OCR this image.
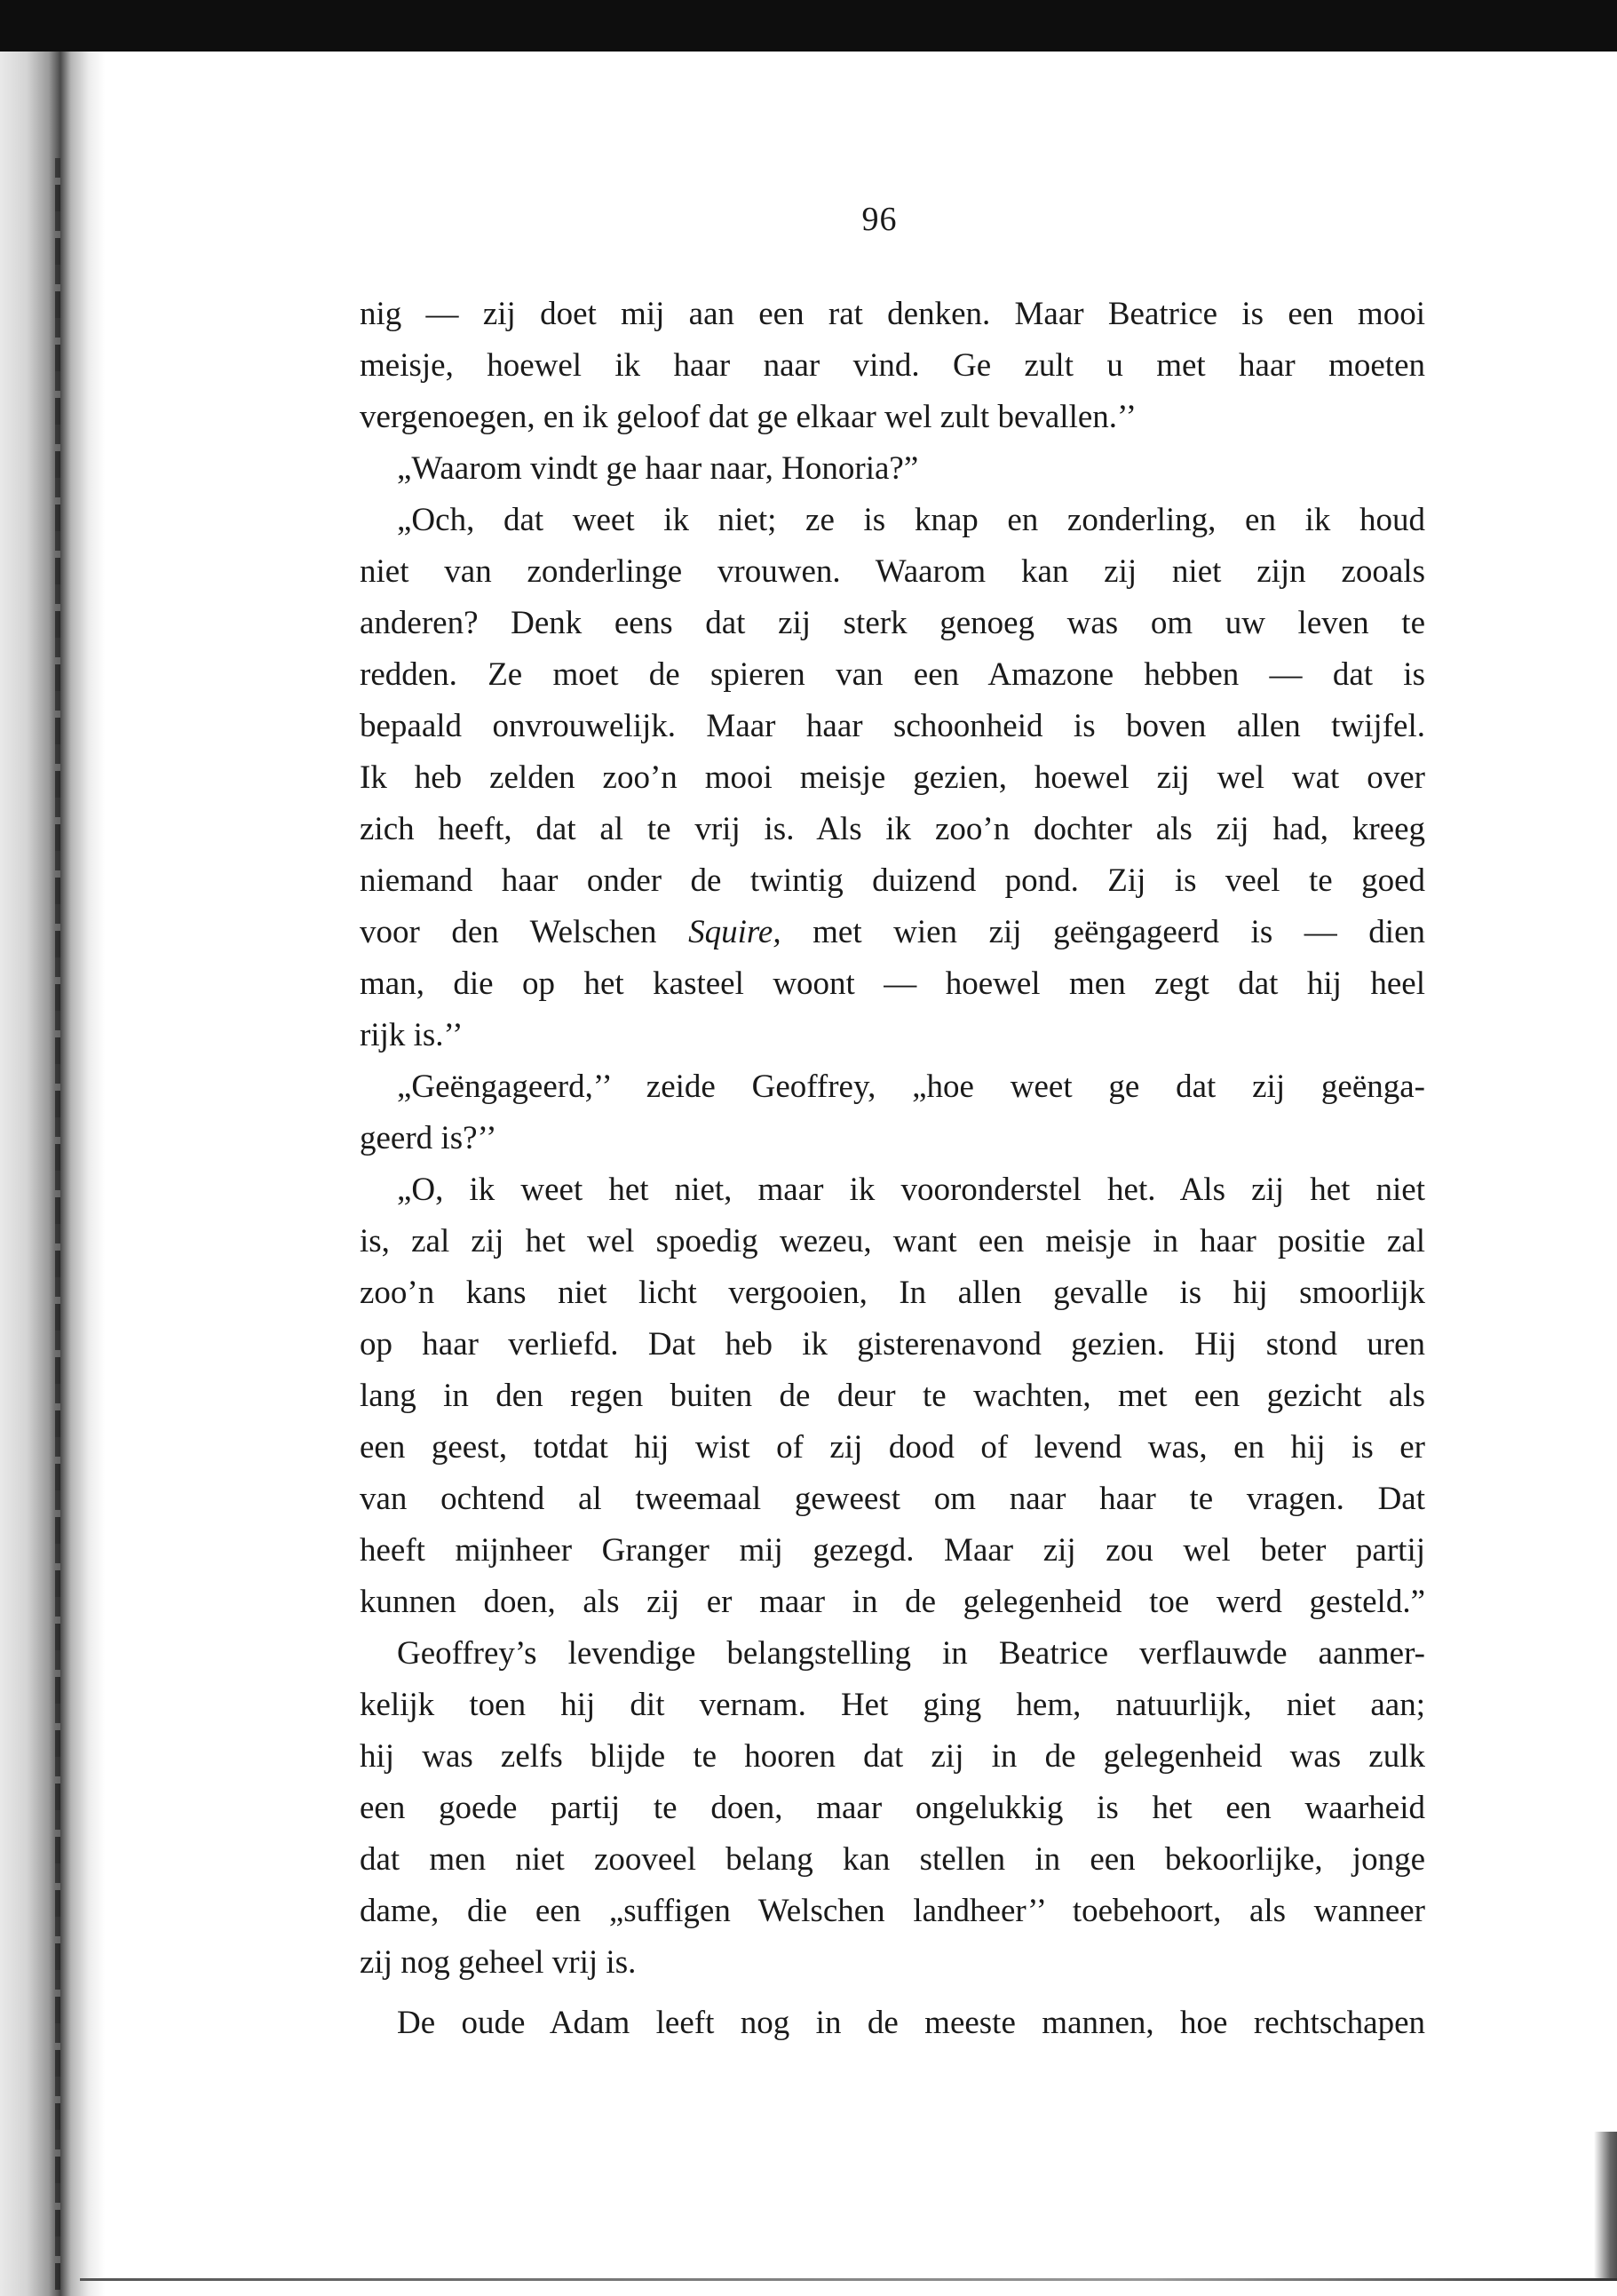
96
nig — zij doet mij aan een rat denken. Maar Beatrice is een mooi
meisje, hoewel ik haar naar vind. Ge zult u met haar moeten
vergenoegen, en ik geloof dat ge elkaar wel zult bevallen.’’
„Waarom vindt ge haar naar, Honoria?”
„Och, dat weet ik niet; ze is knap en zonderling, en ik houd
niet van zonderlinge vrouwen. Waarom kan zij niet zijn zooals
anderen? Denk eens dat zij sterk genoeg was om uw leven te
redden. Ze moet de spieren van een Amazone hebben — dat is
bepaald onvrouwelijk. Maar haar schoonheid is boven allen twijfel.
Ik heb zelden zoo’n mooi meisje gezien, hoewel zij wel wat over
zich heeft, dat al te vrij is. Als ik zoo’n dochter als zij had, kreeg
niemand haar onder de twintig duizend pond. Zij is veel te goed
voor den Welschen Squire, met wien zij geëngageerd is — dien
man, die op het kasteel woont — hoewel men zegt dat hij heel
rijk is.’’
„Geëngageerd,’’ zeide Geoffrey, „hoe weet ge dat zij geënga-
geerd is?’’
„O, ik weet het niet, maar ik vooronderstel het. Als zij het niet
is, zal zij het wel spoedig wezeu, want een meisje in haar positie zal
zoo’n kans niet licht vergooien, In allen gevalle is hij smoorlijk
op haar verliefd. Dat heb ik gisterenavond gezien. Hij stond uren
lang in den regen buiten de deur te wachten, met een gezicht als
een geest, totdat hij wist of zij dood of levend was, en hij is er
van ochtend al tweemaal geweest om naar haar te vragen. Dat
heeft mijnheer Granger mij gezegd. Maar zij zou wel beter partij
kunnen doen, als zij er maar in de gelegenheid toe werd gesteld.”
Geoffrey’s levendige belangstelling in Beatrice verflauwde aanmer-
kelijk toen hij dit vernam. Het ging hem, natuurlijk, niet aan;
hij was zelfs blijde te hooren dat zij in de gelegenheid was zulk
een goede partij te doen, maar ongelukkig is het een waarheid
dat men niet zooveel belang kan stellen in een bekoorlijke, jonge
dame, die een „suffigen Welschen landheer’’ toebehoort, als wanneer
zij nog geheel vrij is.
De oude Adam leeft nog in de meeste mannen, hoe rechtschapen
